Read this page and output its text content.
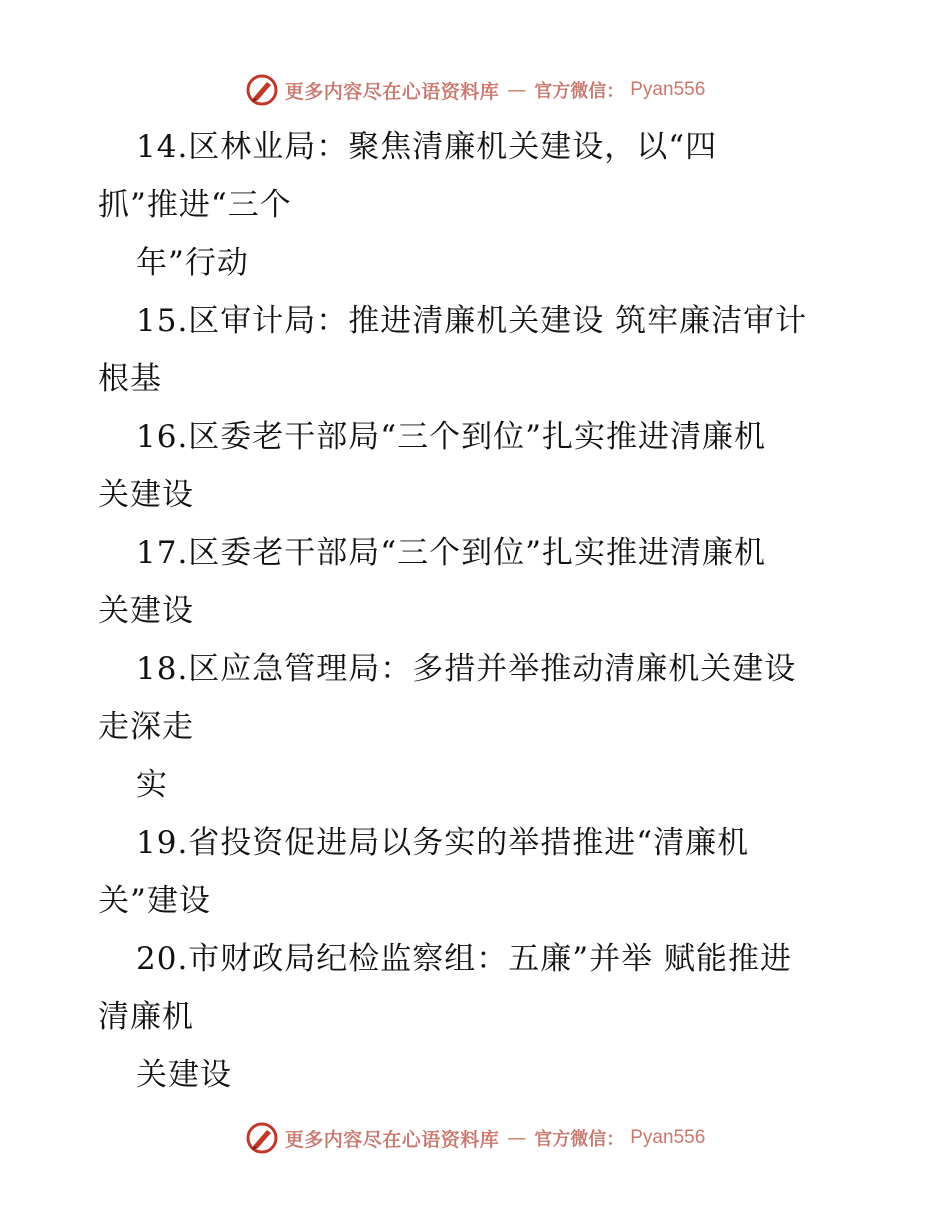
更多内容尽在心语资料库 — 官方微信： Pyan556
14.区林业局：聚焦清廉机关建设，以“四
抓”推进“三个
年”行动
15.区审计局：推进清廉机关建设 筑牢廉洁审计
根基
16.区委老干部局“三个到位”扎实推进清廉机
关建设
17.区委老干部局“三个到位”扎实推进清廉机
关建设
18.区应急管理局：多措并举推动清廉机关建设
走深走
实
19.省投资促进局以务实的举措推进“清廉机
关”建设
20.市财政局纪检监察组：五廉”并举 赋能推进
清廉机
关建设
更多内容尽在心语资料库 — 官方微信： Pyan556
